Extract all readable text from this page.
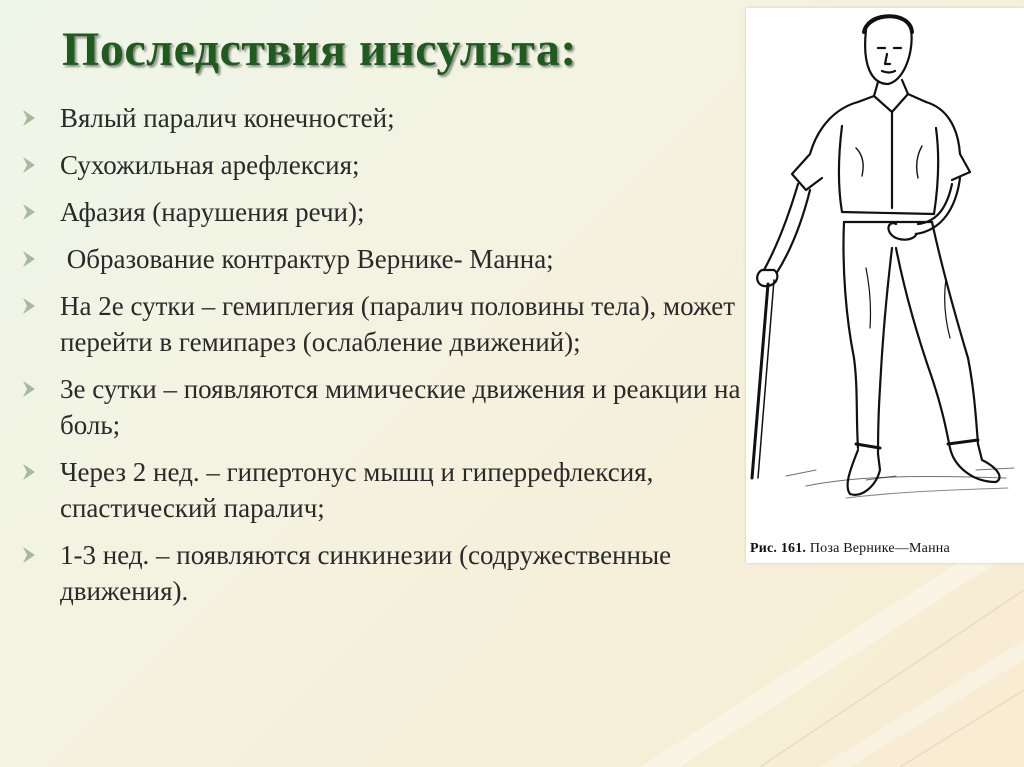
Последствия инсульта:
Вялый паралич конечностей;
Сухожильная арефлексия;
Афазия (нарушения речи);
Образование контрактур Вернике- Манна;
На 2е сутки – гемиплегия (паралич половины тела), может перейти в гемипарез (ослабление движений);
3е сутки – появляются мимические движения и реакции на боль;
Через 2 нед. – гипертонус мышц и гиперрефлексия, спастический паралич;
1-3 нед. – появляются синкинезии (содружественные движения).
Рис. 161. Поза Вернике—Манна
